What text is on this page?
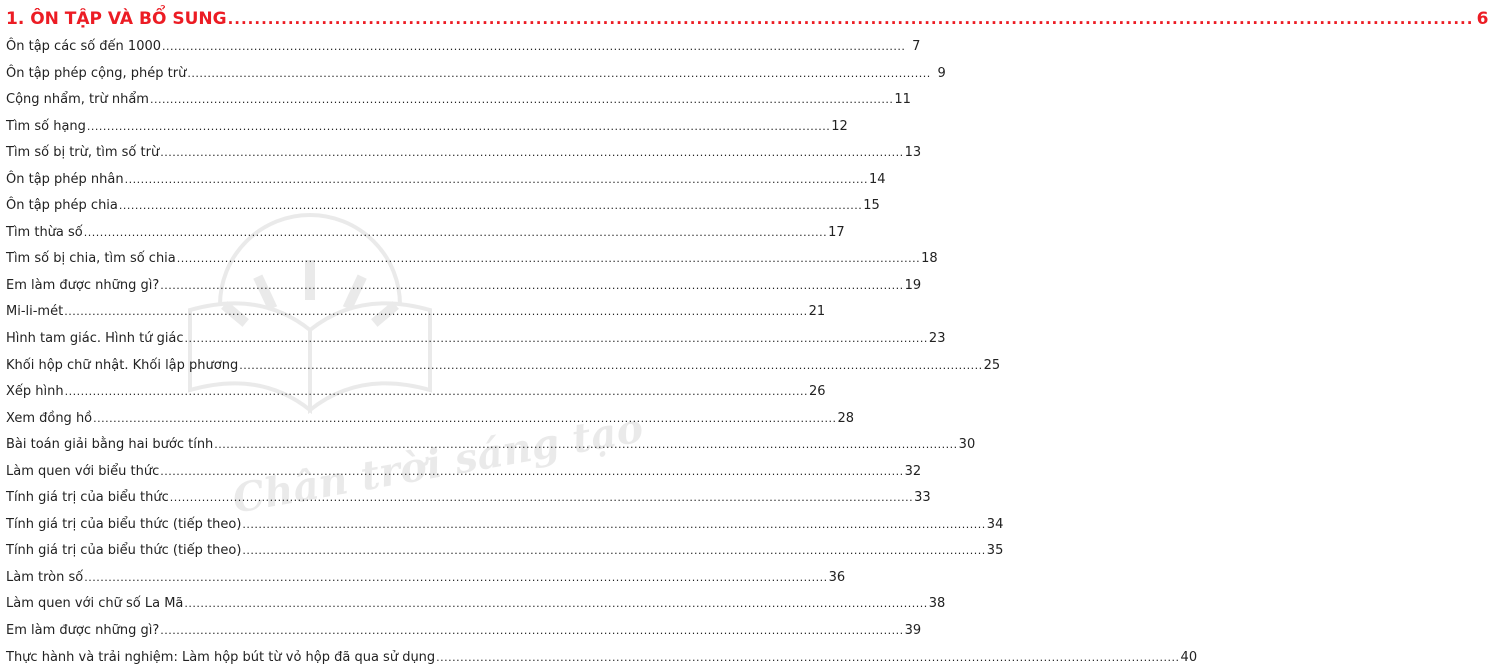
Chân trời sáng tạo
1. ÔN TẬP VÀ BỔ SUNG .....	6
Ôn tập các số đến 1000 .....	7
Ôn tập phép cộng, phép trừ .....	9
Cộng nhẩm, trừ nhẩm .....	11
Tìm số hạng .....	12
Tìm số bị trừ, tìm số trừ .....	13
Ôn tập phép nhân .....	14
Ôn tập phép chia .....	15
Tìm thừa số .....	17
Tìm số bị chia, tìm số chia .....	18
Em làm được những gì? .....	19
Mi-li-mét .....	21
Hình tam giác. Hình tứ giác .....	23
Khối hộp chữ nhật. Khối lập phương .....	25
Xếp hình .....	26
Xem đồng hồ .....	28
Bài toán giải bằng hai bước tính .....	30
Làm quen với biểu thức .....	32
Tính giá trị của biểu thức .....	33
Tính giá trị của biểu thức (tiếp theo) .....	34
Tính giá trị của biểu thức (tiếp theo) .....	35
Làm tròn số .....	36
Làm quen với chữ số La Mã .....	38
Em làm được những gì? .....	39
Thực hành và trải nghiệm: Làm hộp bút từ vỏ hộp đã qua sử dụng .....	40
